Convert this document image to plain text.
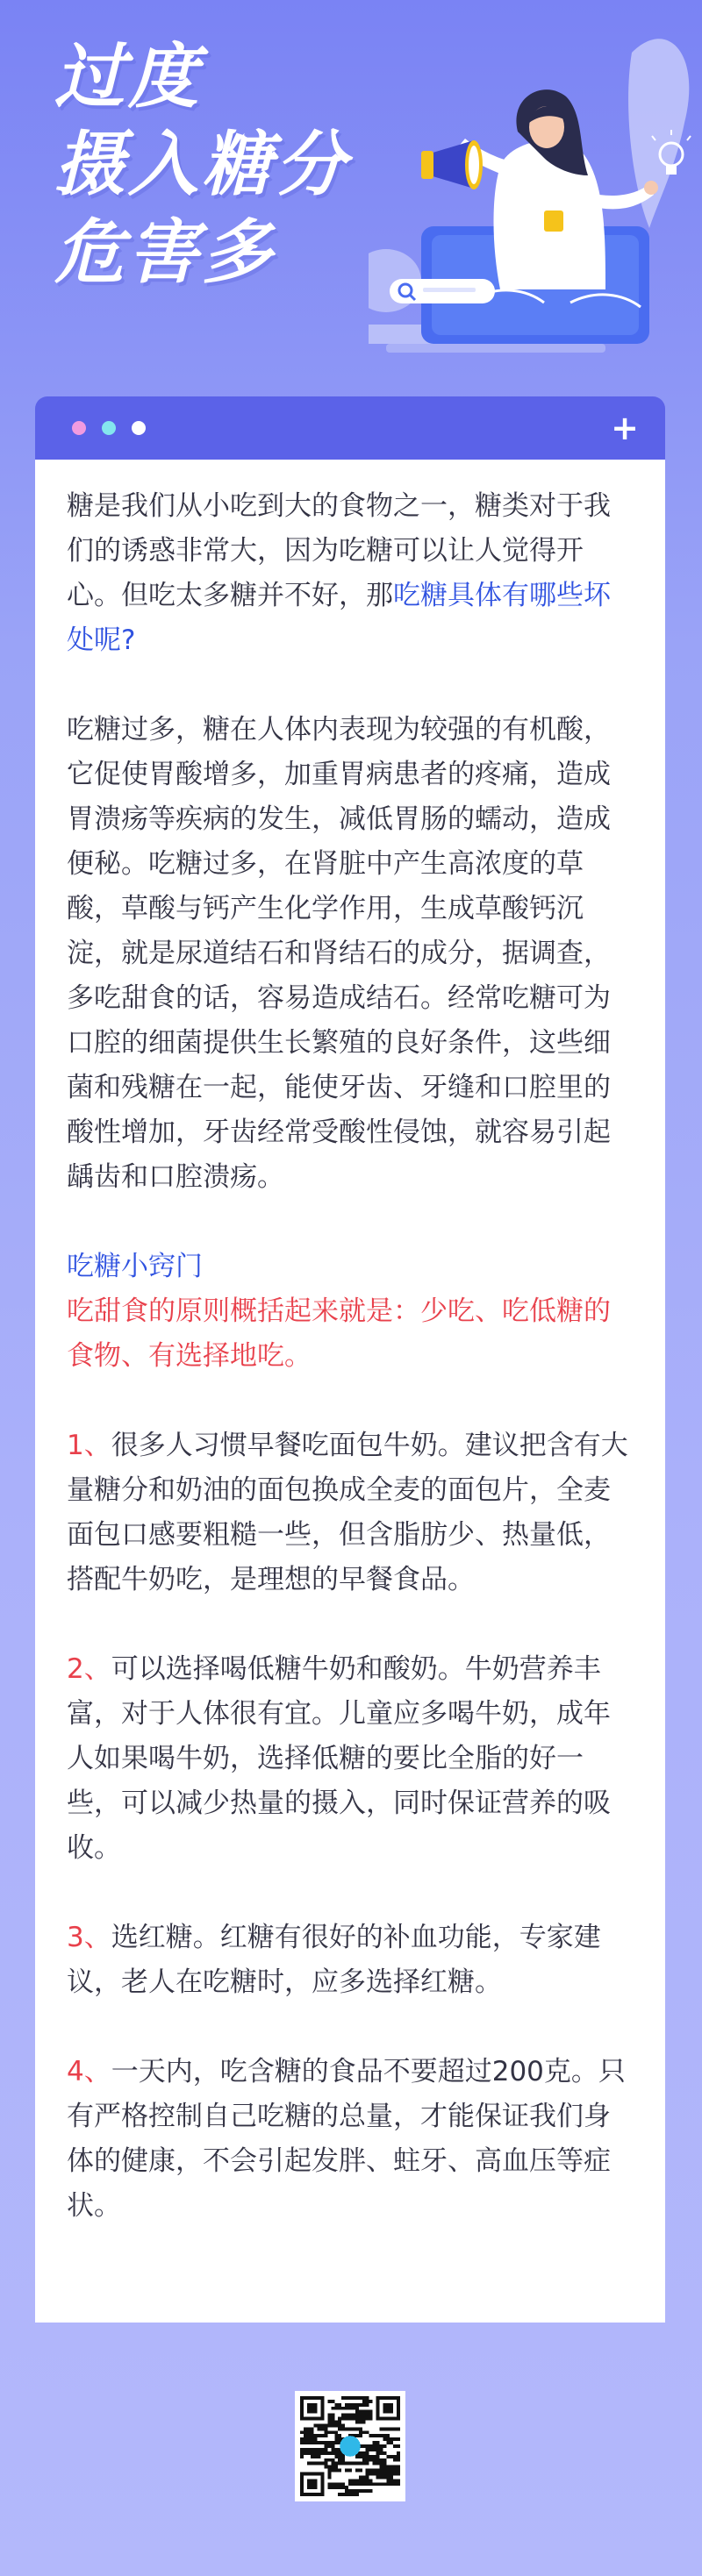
过度
摄入糖分
危害多
+

糖是我们从小吃到大的食物之一，糖类对于我们的诱惑非常大，因为吃糖可以让人觉得开心。但吃太多糖并不好，那吃糖具体有哪些坏处呢?

吃糖过多，糖在人体内表现为较强的有机酸，它促使胃酸增多，加重胃病患者的疼痛，造成胃溃疡等疾病的发生，减低胃肠的蠕动，造成便秘。吃糖过多，在肾脏中产生高浓度的草酸，草酸与钙产生化学作用，生成草酸钙沉淀，就是尿道结石和肾结石的成分，据调查，多吃甜食的话，容易造成结石。经常吃糖可为口腔的细菌提供生长繁殖的良好条件，这些细菌和残糖在一起，能使牙齿、牙缝和口腔里的酸性增加，牙齿经常受酸性侵蚀，就容易引起龋齿和口腔溃疡。

吃糖小窍门

吃甜食的原则概括起来就是：少吃、吃低糖的食物、有选择地吃。

1、很多人习惯早餐吃面包牛奶。建议把含有大量糖分和奶油的面包换成全麦的面包片，全麦面包口感要粗糙一些，但含脂肪少、热量低，搭配牛奶吃，是理想的早餐食品。

2、可以选择喝低糖牛奶和酸奶。牛奶营养丰富，对于人体很有宜。儿童应多喝牛奶，成年人如果喝牛奶，选择低糖的要比全脂的好一些，可以减少热量的摄入，同时保证营养的吸收。

3、选红糖。红糖有很好的补血功能，专家建议，老人在吃糖时，应多选择红糖。

4、一天内，吃含糖的食品不要超过200克。只有严格控制自己吃糖的总量，才能保证我们身体的健康，不会引起发胖、蛀牙、高血压等症状。
